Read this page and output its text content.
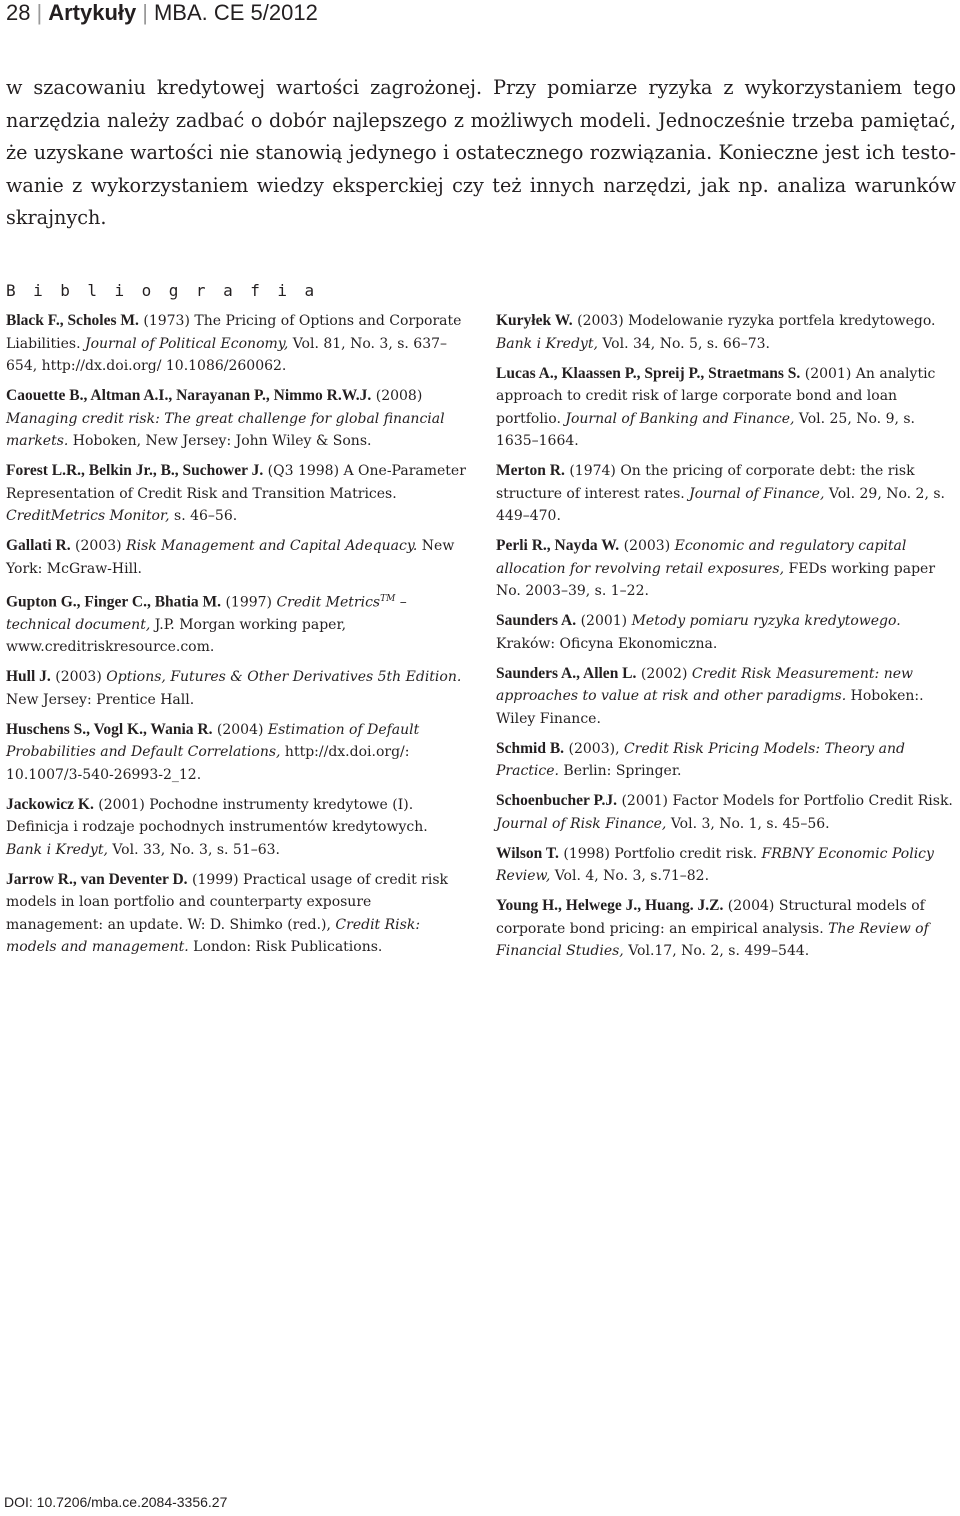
28 | Artykuły | MBA. CE 5/2012
w szacowaniu kredytowej wartości zagrożonej. Przy pomiarze ryzyka z wykorzystaniem tego
narzędzia należy zadbać o dobór najlepszego z możliwych modeli. Jednocześnie trzeba pamiętać,
że uzyskane wartości nie stanowią jedynego i ostatecznego rozwiązania. Konieczne jest ich testo-
wanie z wykorzystaniem wiedzy eksperckiej czy też innych narzędzi, jak np. analiza warunków
skrajnych.
Bibliografia

Black F., Scholes M. (1973) The Pricing of Options and Corporate Liabilities. Journal of Political Economy, Vol. 81, No. 3, s. 637–654, http://dx.doi.org/ 10.1086/260062.

Caouette B., Altman A.I., Narayanan P., Nimmo R.W.J. (2008) Managing credit risk: The great challenge for global financial markets. Hoboken, New Jersey: John Wiley & Sons.

Forest L.R., Belkin Jr., B., Suchower J. (Q3 1998) A One-Parameter Representation of Credit Risk and Transition Matrices. CreditMetrics Monitor, s. 46–56.

Gallati R. (2003) Risk Management and Capital Adequacy. New York: McGraw-Hill.

Gupton G., Finger C., Bhatia M. (1997) Credit Metrics™ – technical document, J.P. Morgan working paper, www.creditriskresource.com.

Hull J. (2003) Options, Futures & Other Derivatives 5th Edition. New Jersey: Prentice Hall.

Huschens S., Vogl K., Wania R. (2004) Estimation of Default Probabilities and Default Correlations, http://dx.doi.org/: 10.1007/3-540-26993-2_12.

Jackowicz K. (2001) Pochodne instrumenty kredytowe (I). Definicja i rodzaje pochodnych instrumentów kredytowych. Bank i Kredyt, Vol. 33, No. 3, s. 51–63.

Jarrow R., van Deventer D. (1999) Practical usage of credit risk models in loan portfolio and counterparty exposure management: an update. W: D. Shimko (red.), Credit Risk: models and management. London: Risk Publications.

Kuryłek W. (2003) Modelowanie ryzyka portfela kredytowego. Bank i Kredyt, Vol. 34, No. 5, s. 66–73.

Lucas A., Klaassen P., Spreij P., Straetmans S. (2001) An analytic approach to credit risk of large corporate bond and loan portfolio. Journal of Banking and Finance, Vol. 25, No. 9, s. 1635–1664.

Merton R. (1974) On the pricing of corporate debt: the risk structure of interest rates. Journal of Finance, Vol. 29, No. 2, s. 449–470.

Perli R., Nayda W. (2003) Economic and regulatory capital allocation for revolving retail exposures, FEDs working paper No. 2003–39, s. 1–22.

Saunders A. (2001) Metody pomiaru ryzyka kredytowego. Kraków: Oficyna Ekonomiczna.

Saunders A., Allen L. (2002) Credit Risk Measurement: new approaches to value at risk and other paradigms. Hoboken:. Wiley Finance.

Schmid B. (2003), Credit Risk Pricing Models: Theory and Practice. Berlin: Springer.

Schoenbucher P.J. (2001) Factor Models for Portfolio Credit Risk. Journal of Risk Finance, Vol. 3, No. 1, s. 45–56.

Wilson T. (1998) Portfolio credit risk. FRBNY Economic Policy Review, Vol. 4, No. 3, s.71–82.

Young H., Helwege J., Huang. J.Z. (2004) Structural models of corporate bond pricing: an empirical analysis. The Review of Financial Studies, Vol.17, No. 2, s. 499–544.

DOI: 10.7206/mba.ce.2084-3356.27
